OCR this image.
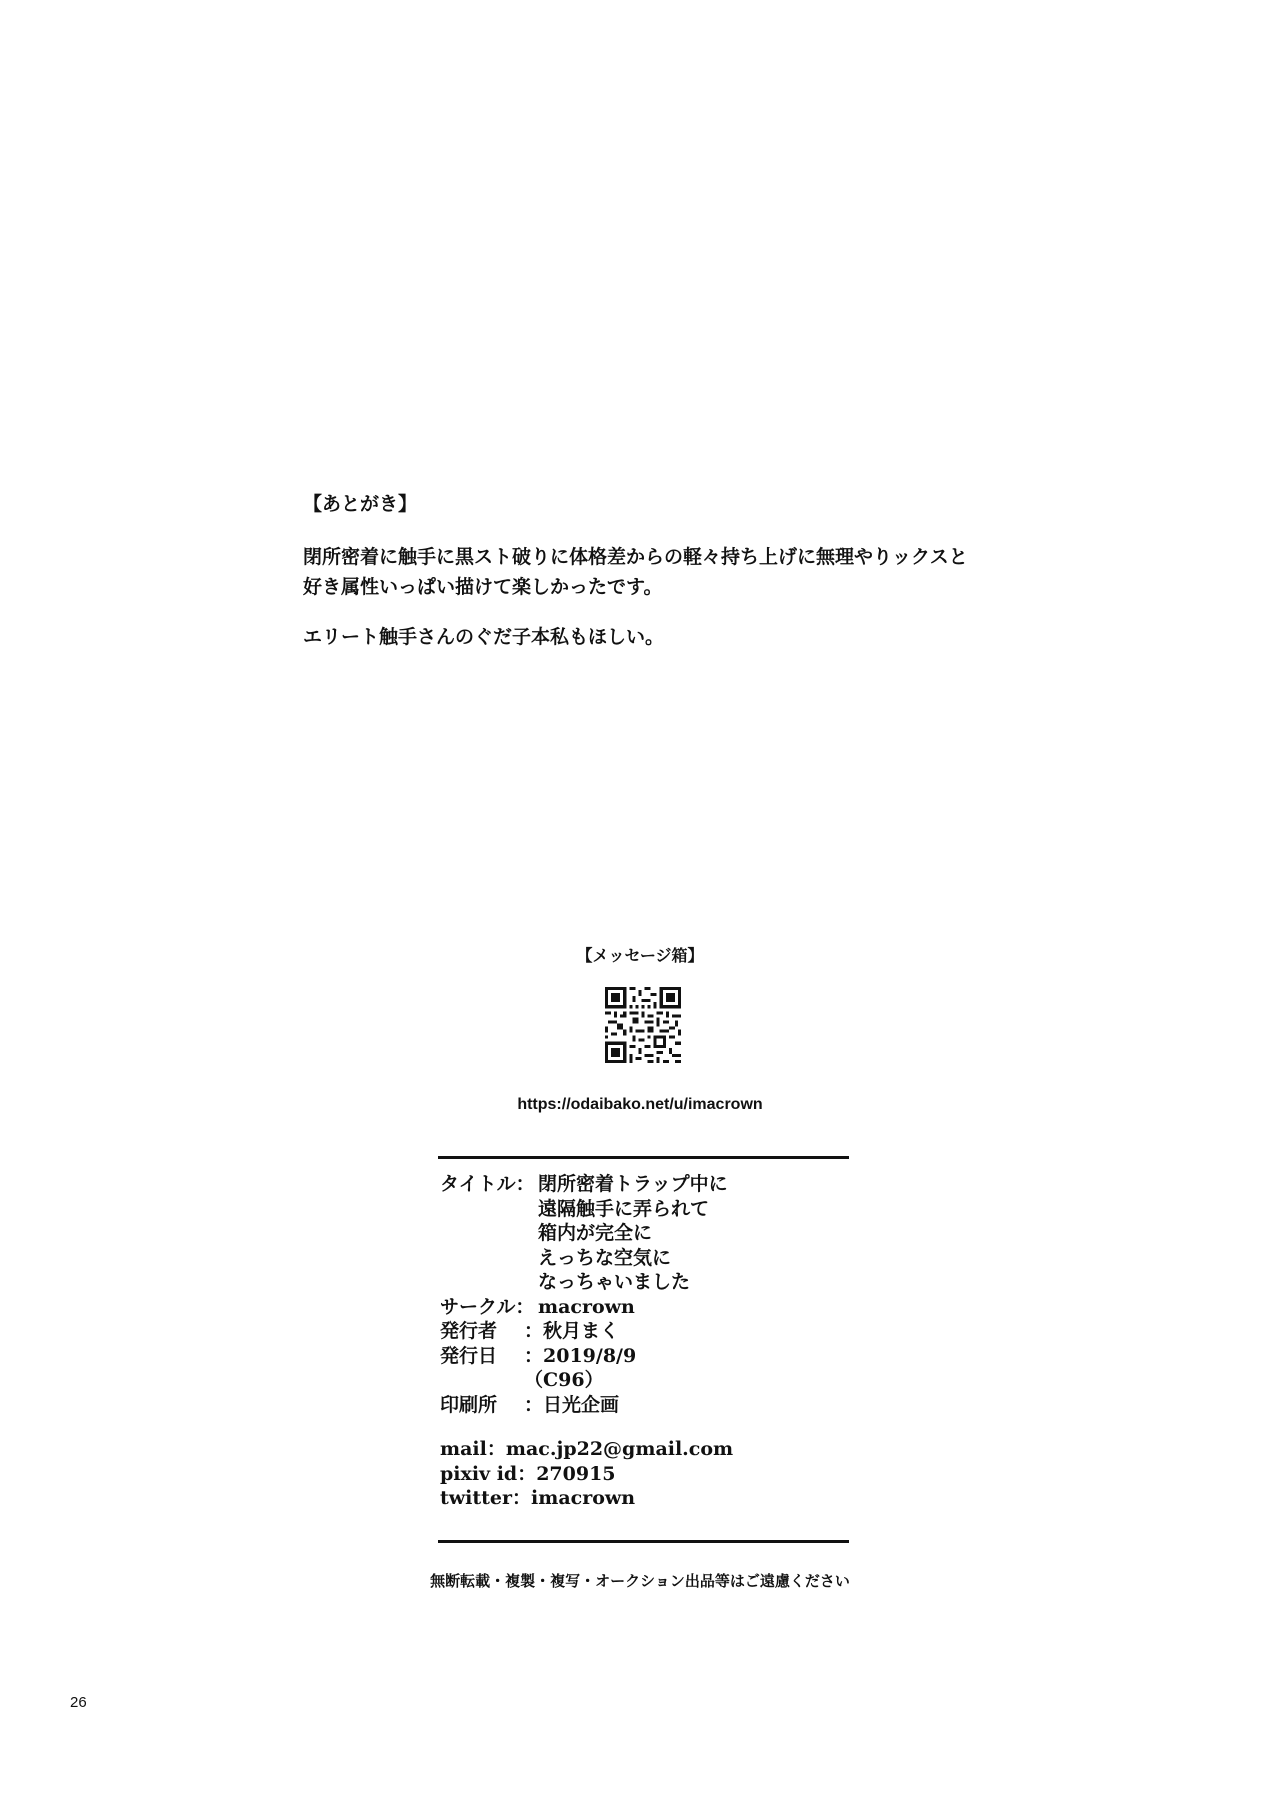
【あとがき】
閉所密着に触手に黒スト破りに体格差からの軽々持ち上げに無理やりックスと
好き属性いっぱい描けて楽しかったです。
エリート触手さんのぐだ子本私もほしい。
【メッセージ箱】
https://odaibako.net/u/imacrown
タイトル： 閉所密着トラップ中に
遠隔触手に弄られて
箱内が完全に
えっちな空気に
なっちゃいました
サークル： macrown
発行者	：秋月まく
発行日	：2019/8/9
（C96）
印刷所	：日光企画
mail：mac.jp22@gmail.com
pixiv id：270915
twitter：imacrown
無断転載・複製・複写・オークション出品等はご遠慮ください
26
